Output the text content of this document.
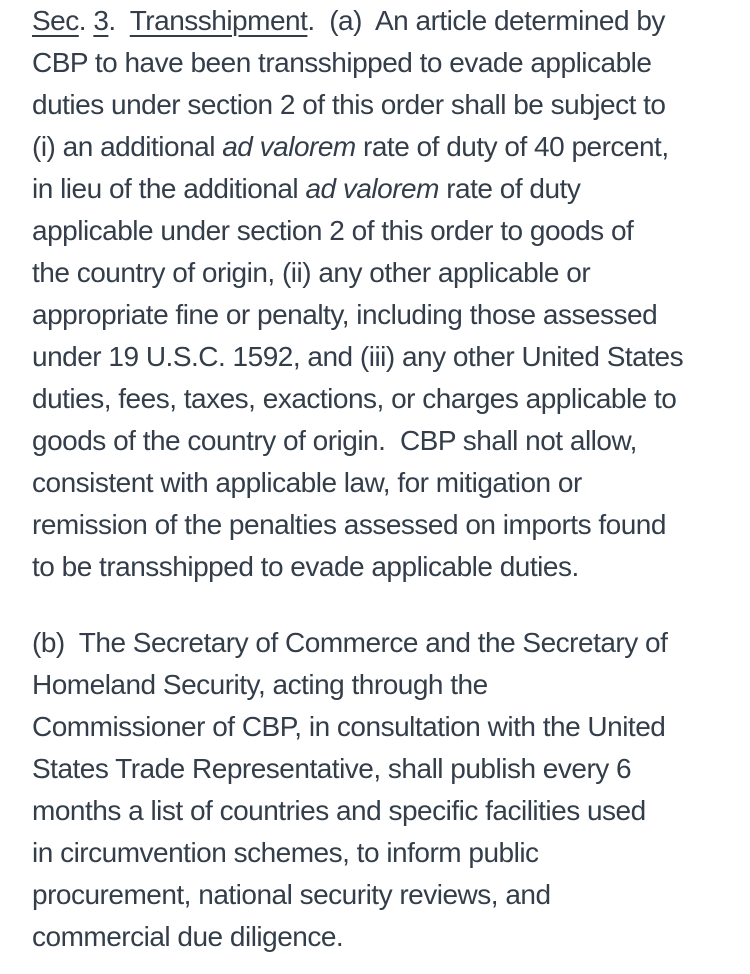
Sec. 3.  Transshipment.  (a)  An article determined by
CBP to have been transshipped to evade applicable
duties under section 2 of this order shall be subject to
(i) an additional ad valorem rate of duty of 40 percent,
in lieu of the additional ad valorem rate of duty
applicable under section 2 of this order to goods of
the country of origin, (ii) any other applicable or
appropriate fine or penalty, including those assessed
under 19 U.S.C. 1592, and (iii) any other United States
duties, fees, taxes, exactions, or charges applicable to
goods of the country of origin.  CBP shall not allow,
consistent with applicable law, for mitigation or
remission of the penalties assessed on imports found
to be transshipped to evade applicable duties.
(b)  The Secretary of Commerce and the Secretary of
Homeland Security, acting through the
Commissioner of CBP, in consultation with the United
States Trade Representative, shall publish every 6
months a list of countries and specific facilities used
in circumvention schemes, to inform public
procurement, national security reviews, and
commercial due diligence.
